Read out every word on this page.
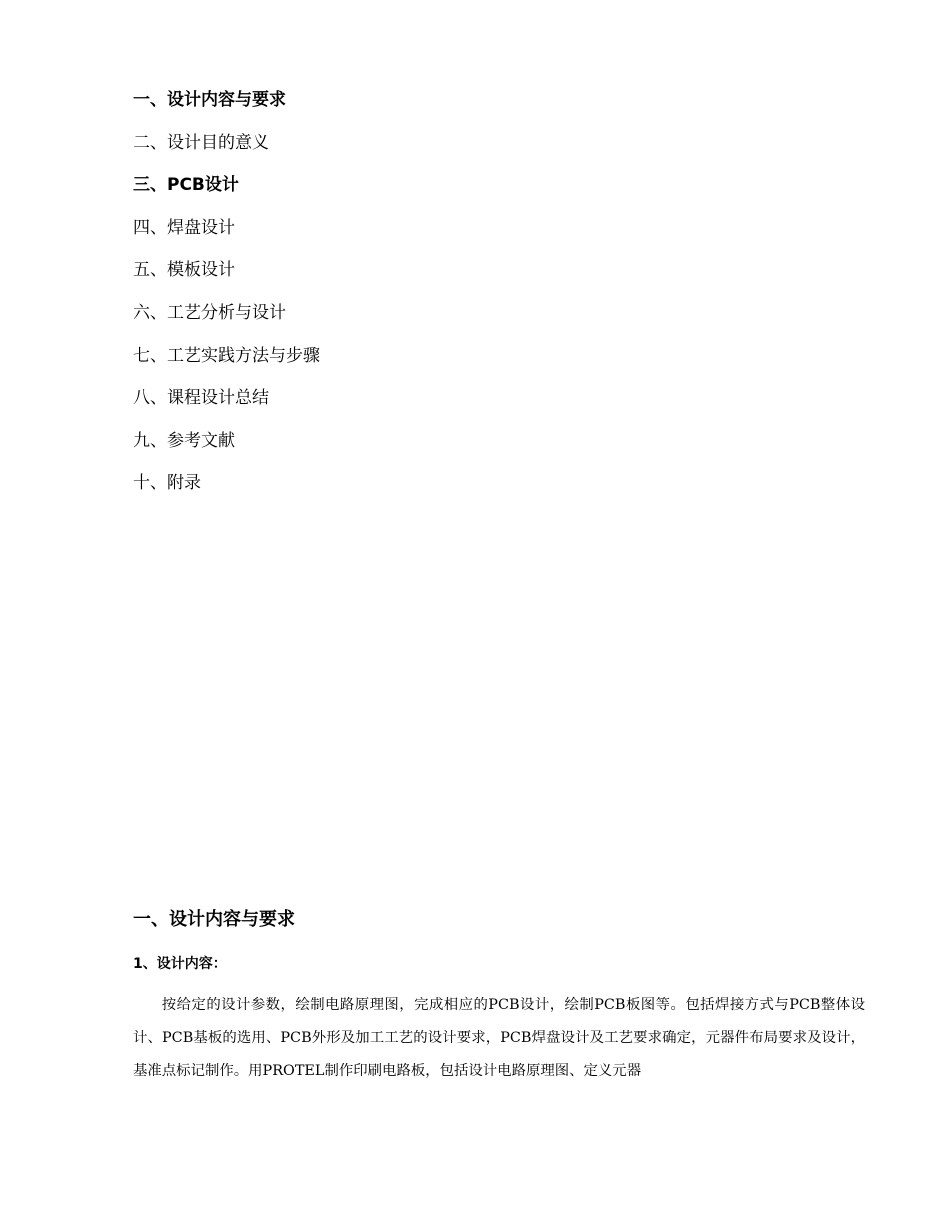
一、设计内容与要求
二、设计目的意义
三、PCB设计
四、焊盘设计
五、模板设计
六、工艺分析与设计
七、工艺实践方法与步骤
八、课程设计总结
九、参考文献
十、附录
一、设计内容与要求
1、设计内容：

按给定的设计参数，绘制电路原理图，完成相应的PCB设计，绘制PCB板图等。包括焊接方式与PCB整体设计、PCB基板的选用、PCB外形及加工工艺的设计要求，PCB焊盘设计及工艺要求确定，元器件布局要求及设计，基准点标记制作。用PROTEL制作印刷电路板，包括设计电路原理图、定义元器
